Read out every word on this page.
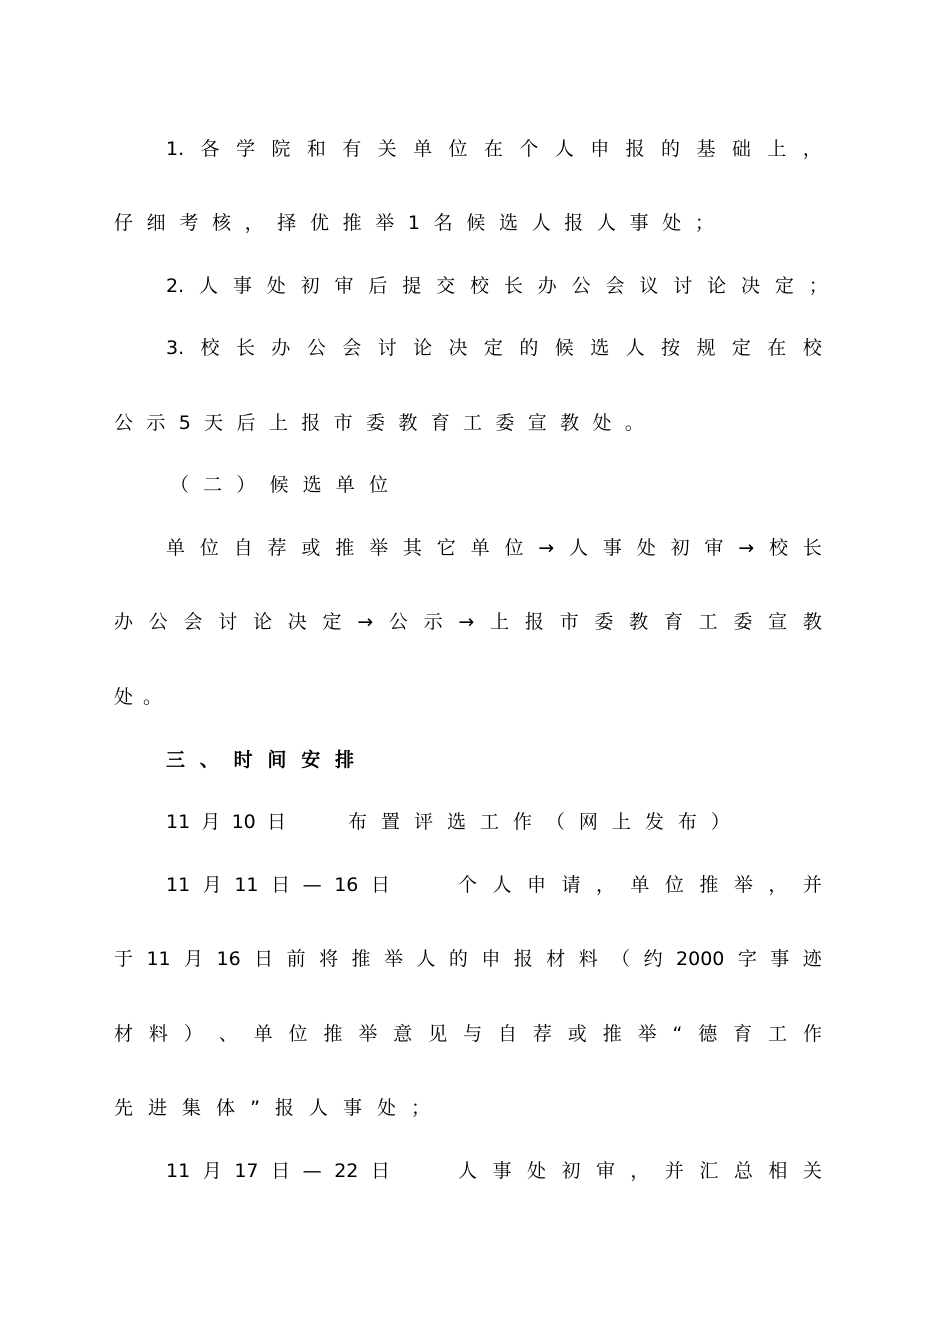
1. 各 学 院 和 有 关 单 位 在 个 人 申 报 的 基 础 上 ，
仔 细 考 核 ， 择 优 推 举 1 名 候 选 人 报 人 事 处 ；
2. 人 事 处 初 审 后 提 交 校 长 办 公 会 议 讨 论 决 定 ；
3. 校 长 办 公 会 讨 论 决 定 的 候 选 人 按 规 定 在 校
公 示 5 天 后 上 报 市 委 教 育 工 委 宣 教 处 。
（ 二 ） 候 选 单 位
单 位 自 荐 或 推 举 其 它 单 位 → 人 事 处 初 审 → 校 长
办 公 会 讨 论 决 定 → 公 示 → 上 报 市 委 教 育 工 委 宣 教
处 。
三 、 时 间 安 排
11 月 10 日	布 置 评 选 工 作 （ 网 上 发 布 ）
11 月 11 日 — 16 日	个 人 申 请 ， 单 位 推 举 ， 并
于 11 月 16 日 前 将 推 举 人 的 申 报 材 料 （ 约 2000 字 事 迹
材 料 ） 、 单 位 推 举 意 见 与 自 荐 或 推 举 “ 德 育 工 作
先 进 集 体 ” 报 人 事 处 ；
11 月 17 日 — 22 日	人 事 处 初 审 ， 并 汇 总 相 关
